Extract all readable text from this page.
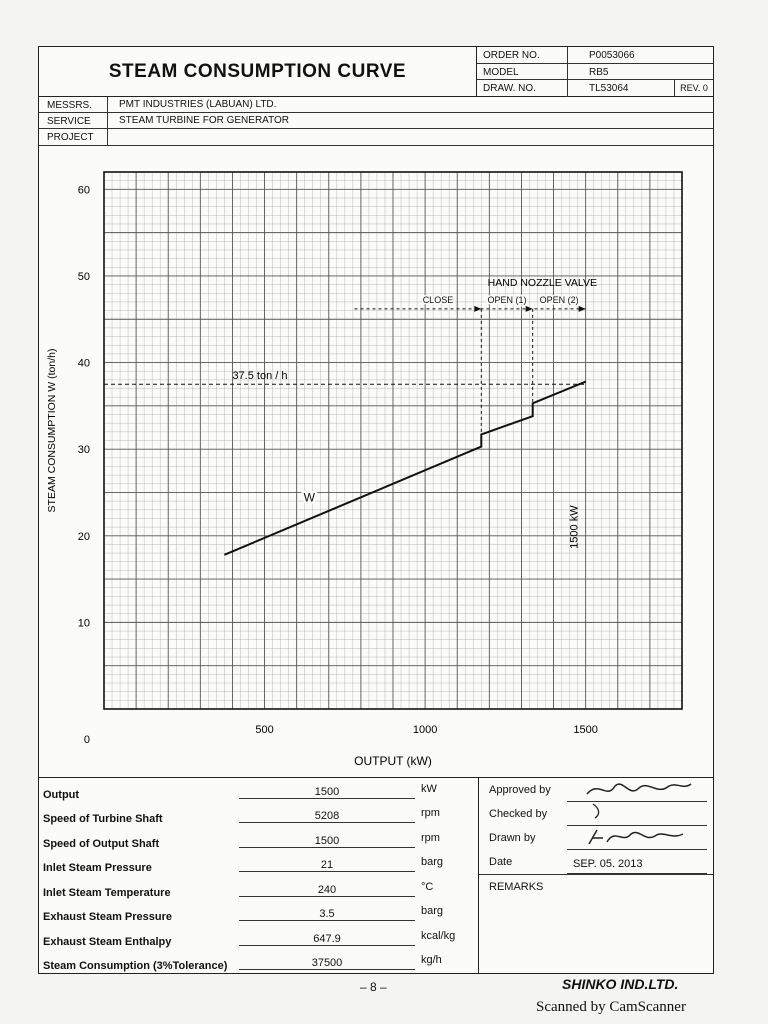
STEAM CONSUMPTION CURVE
ORDER NO.	P0053066
MODEL	RB5
DRAW. NO.	TL53064	REV. 0
MESSRS.	PMT INDUSTRIES (LABUAN) LTD.
SERVICE	STEAM TURBINE FOR GENERATOR
PROJECT
0
10
20
30
40
50
60
500	1000	1500
37.5 ton / h
HAND NOZZLE VALVE
CLOSE	OPEN (1) OPEN (2)
1500 kW
W
OUTPUT (kW)
STEAM CONSUMPTION W (ton/h)
Output	1500	kW
Speed of Turbine Shaft	5208	rpm
Speed of Output Shaft	1500	rpm
Inlet Steam Pressure	21	barg
Inlet Steam Temperature	240	°C
Exhaust Steam Pressure	3.5	barg
Exhaust Steam Enthalpy	647.9	kcal/kg
Steam Consumption (3%Tolerance)	37500	kg/h
Approved by
Checked by
Drawn by
Date	SEP. 05. 2013
REMARKS
– 8 –	SHINKO IND.LTD.
Scanned by CamScanner
